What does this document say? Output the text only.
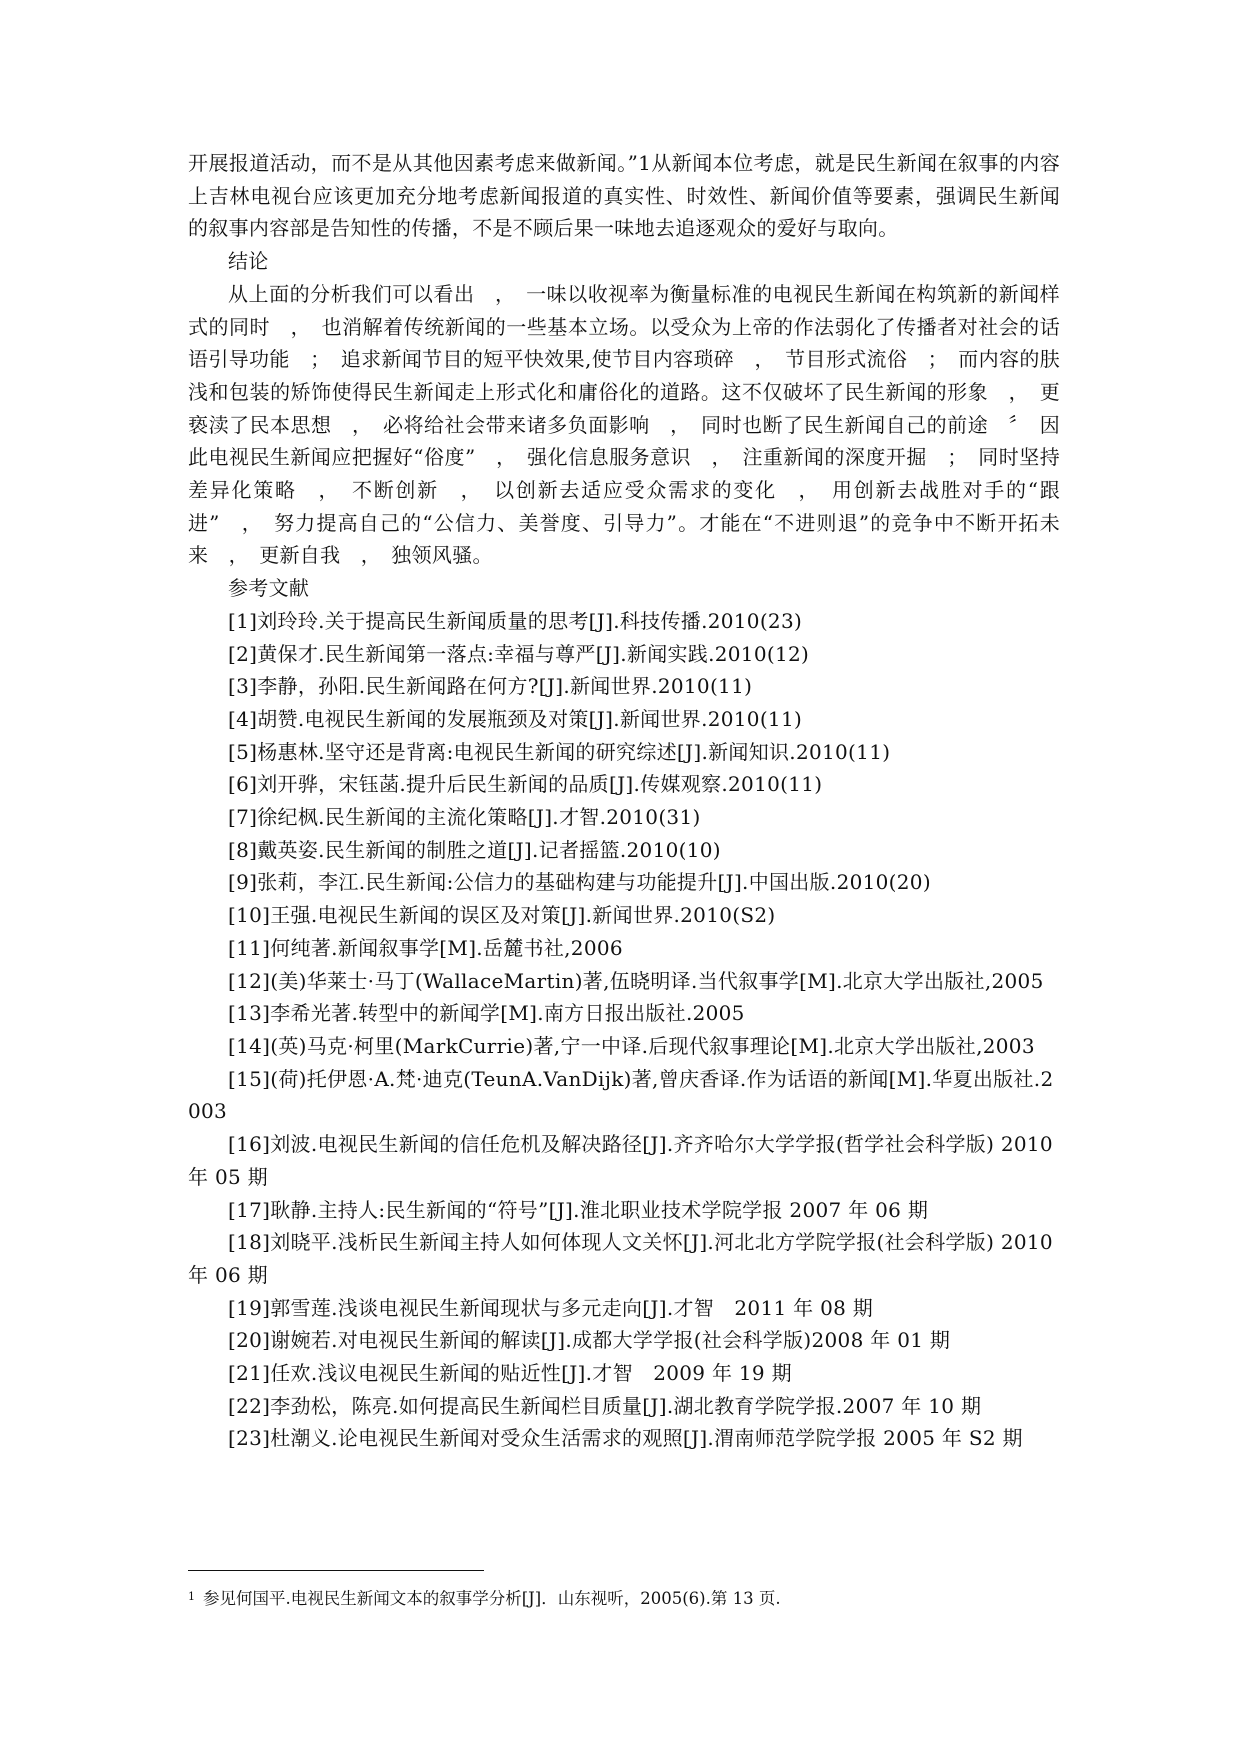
开展报道活动，而不是从其他因素考虑来做新闻。”1从新闻本位考虑，就是民生新闻在叙事的内容上吉林电视台应该更加充分地考虑新闻报道的真实性、时效性、新闻价值等要素，强调民生新闻的叙事内容部是告知性的传播，不是不顾后果一味地去追逐观众的爱好与取向。

结论

从上面的分析我们可以看出　，　一味以收视率为衡量标准的电视民生新闻在构筑新的新闻样式的同时　，　也消解着传统新闻的一些基本立场。以受众为上帝的作法弱化了传播者对社会的话语引导功能　；　追求新闻节目的短平快效果,使节目内容琐碎　，　节目形式流俗　；　而内容的肤浅和包装的矫饰使得民生新闻走上形式化和庸俗化的道路。这不仅破坏了民生新闻的形象　，　更亵渎了民本思想　，　必将给社会带来诸多负面影响　，　同时也断了民生新闻自己的前途　〞　因此电视民生新闻应把握好“俗度”　，　强化信息服务意识　，　注重新闻的深度开掘　；　同时坚持差异化策略　，　不断创新　，　以创新去适应受众需求的变化　，　用创新去战胜对手的“跟进”　，　努力提高自己的“公信力、美誉度、引导力”。才能在“不进则退”的竞争中不断开拓未来　，　更新自我　，　独领风骚。

参考文献

[1]刘玲玲.关于提高民生新闻质量的思考[J].科技传播.2010(23)
[2]黄保才.民生新闻第一落点:幸福与尊严[J].新闻实践.2010(12)
[3]李静，孙阳.民生新闻路在何方?[J].新闻世界.2010(11)
[4]胡赞.电视民生新闻的发展瓶颈及对策[J].新闻世界.2010(11)
[5]杨惠林.坚守还是背离:电视民生新闻的研究综述[J].新闻知识.2010(11)
[6]刘开骅，宋钰菡.提升后民生新闻的品质[J].传媒观察.2010(11)
[7]徐纪枫.民生新闻的主流化策略[J].才智.2010(31)
[8]戴英姿.民生新闻的制胜之道[J].记者摇篮.2010(10)
[9]张莉，李江.民生新闻:公信力的基础构建与功能提升[J].中国出版.2010(20)
[10]王强.电视民生新闻的误区及对策[J].新闻世界.2010(S2)
[11]何纯著.新闻叙事学[M].岳麓书社,2006
[12](美)华莱士·马丁(WallaceMartin)著,伍晓明译.当代叙事学[M].北京大学出版社,2005
[13]李希光著.转型中的新闻学[M].南方日报出版社.2005
[14](英)马克·柯里(MarkCurrie)著,宁一中译.后现代叙事理论[M].北京大学出版社,2003
[15](荷)托伊恩·A.梵·迪克(TeunA.VanDijk)著,曾庆香译.作为话语的新闻[M].华夏出版社.2003
[16]刘波.电视民生新闻的信任危机及解决路径[J].齐齐哈尔大学学报(哲学社会科学版) 2010 年 05 期
[17]耿静.主持人:民生新闻的“符号”[J].淮北职业技术学院学报 2007 年 06 期
[18]刘晓平.浅析民生新闻主持人如何体现人文关怀[J].河北北方学院学报(社会科学版) 2010 年 06 期
[19]郭雪莲.浅谈电视民生新闻现状与多元走向[J].才智　2011 年 08 期
[20]谢婉若.对电视民生新闻的解读[J].成都大学学报(社会科学版)2008 年 01 期
[21]任欢.浅议电视民生新闻的贴近性[J].才智　2009 年 19 期
[22]李劲松，陈亮.如何提高民生新闻栏目质量[J].湖北教育学院学报.2007 年 10 期
[23]杜潮义.论电视民生新闻对受众生活需求的观照[J].渭南师范学院学报 2005 年 S2 期
$^1$ 参见何国平.电视民生新闻文本的叙事学分析[J]．山东视听，2005(6).第 13 页.
